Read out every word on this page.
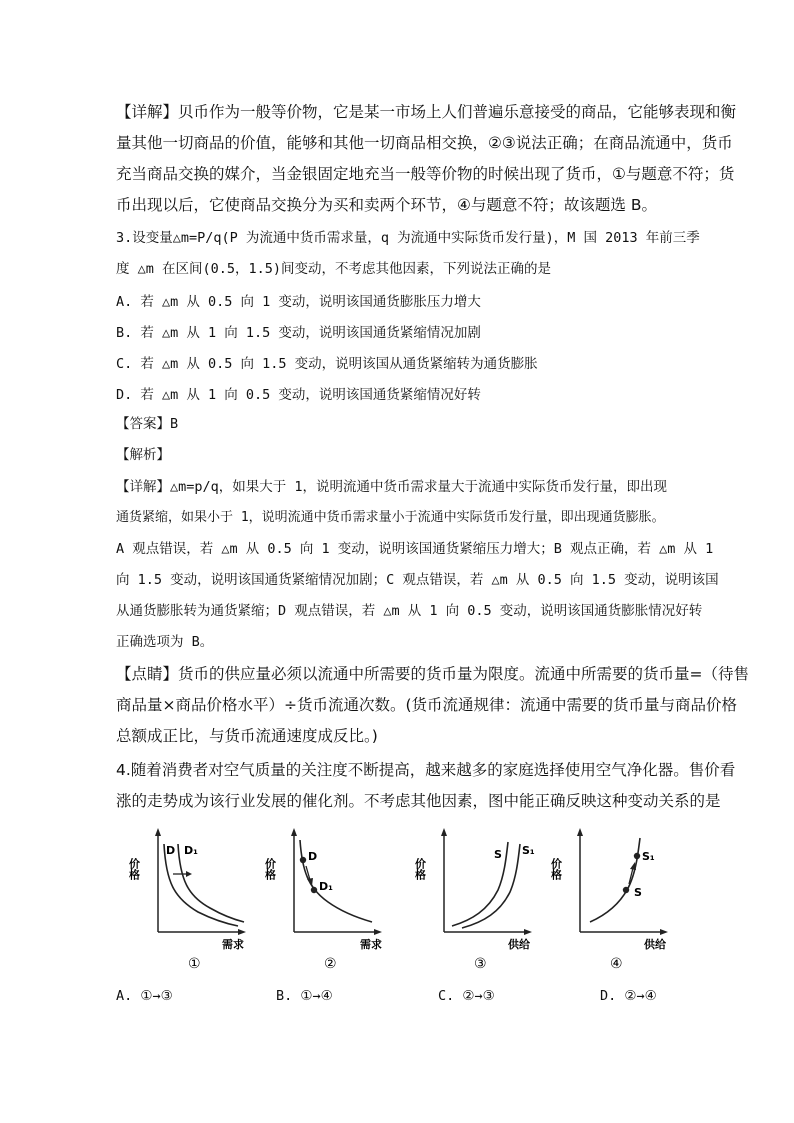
【详解】贝币作为一般等价物，它是某一市场上人们普遍乐意接受的商品，它能够表现和衡
量其他一切商品的价值，能够和其他一切商品相交换，②③说法正确；在商品流通中，货币
充当商品交换的媒介，当金银固定地充当一般等价物的时候出现了货币，①与题意不符；货
币出现以后，它使商品交换分为买和卖两个环节，④与题意不符；故该题选 B。
3.设变量△m=P/q(P 为流通中货币需求量，q 为流通中实际货币发行量)，M 国 2013 年前三季
度 △m 在区间(0.5，1.5)间变动，不考虑其他因素，下列说法正确的是
A. 若 △m 从 0.5 向 1 变动，说明该国通货膨胀压力增大
B. 若 △m 从 1 向 1.5 变动，说明该国通货紧缩情况加剧
C. 若 △m 从 0.5 向 1.5 变动，说明该国从通货紧缩转为通货膨胀
D. 若 △m 从 1 向 0.5 变动，说明该国通货紧缩情况好转
【答案】B
【解析】
【详解】△m=p/q，如果大于 1，说明流通中货币需求量大于流通中实际货币发行量，即出现
通货紧缩，如果小于 1，说明流通中货币需求量小于流通中实际货币发行量，即出现通货膨胀。
A 观点错误，若 △m 从 0.5 向 1 变动，说明该国通货紧缩压力增大；B 观点正确，若 △m 从 1
向 1.5 变动，说明该国通货紧缩情况加剧；C 观点错误，若 △m 从 0.5 向 1.5 变动，说明该国
从通货膨胀转为通货紧缩；D 观点错误，若 △m 从 1 向 0.5 变动，说明该国通货膨胀情况好转
正确选项为 B。
【点睛】货币的供应量必须以流通中所需要的货币量为限度。流通中所需要的货币量=（待售
商品量×商品价格水平）÷货币流通次数。(货币流通规律：流通中需要的货币量与商品价格
总额成正比，与货币流通速度成反比。)
4.随着消费者对空气质量的关注度不断提高，越来越多的家庭选择使用空气净化器。售价看
涨的走势成为该行业发展的催化剂。不考虑其他因素，图中能正确反映这种变动关系的是
价格
D D₁
需求
①
价格
D
D₁
需求
②
价格
S S₁
供给
③
价格
S₁
S
供给
④
A. ①→③	B. ①→④	C. ②→③	D. ②→④
